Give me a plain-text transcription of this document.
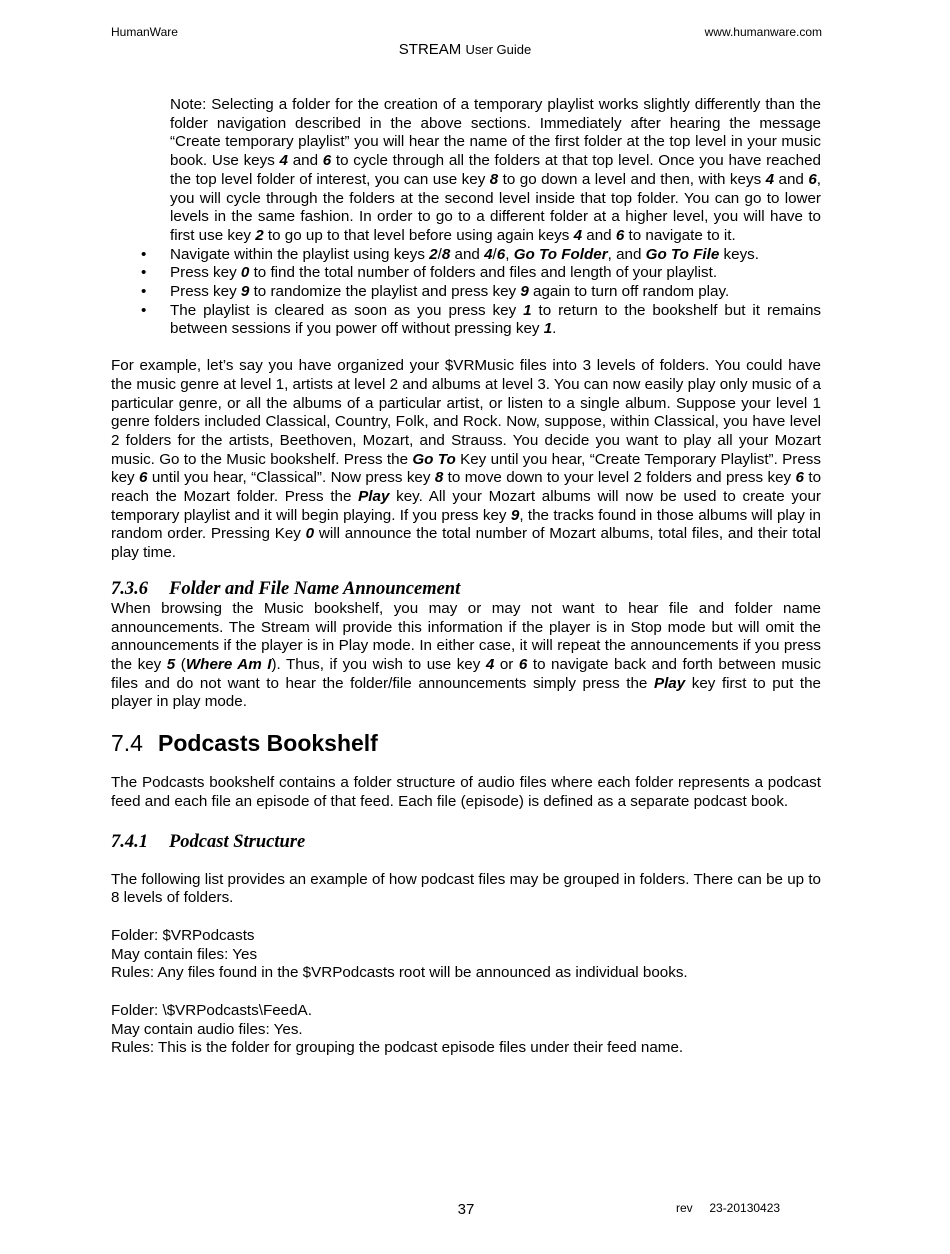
HumanWare	www.humanware.com
STREAM User Guide

Note: Selecting a folder for the creation of a temporary playlist works slightly differently than the folder navigation described in the above sections. Immediately after hearing the message “Create temporary playlist” you will hear the name of the first folder at the top level in your music book. Use keys 4 and 6 to cycle through all the folders at that top level. Once you have reached the top level folder of interest, you can use key 8 to go down a level and then, with keys 4 and 6, you will cycle through the folders at the second level inside that top folder. You can go to lower levels in the same fashion. In order to go to a different folder at a higher level, you will have to first use key 2 to go up to that level before using again keys 4 and 6 to navigate to it.

• Navigate within the playlist using keys 2/8 and 4/6, Go To Folder, and Go To File keys.
• Press key 0 to find the total number of folders and files and length of your playlist.
• Press key 9 to randomize the playlist and press key 9 again to turn off random play.
• The playlist is cleared as soon as you press key 1 to return to the bookshelf but it remains between sessions if you power off without pressing key 1.

For example, let’s say you have organized your $VRMusic files into 3 levels of folders. You could have the music genre at level 1, artists at level 2 and albums at level 3. You can now easily play only music of a particular genre, or all the albums of a particular artist, or listen to a single album. Suppose your level 1 genre folders included Classical, Country, Folk, and Rock. Now, suppose, within Classical, you have level 2 folders for the artists, Beethoven, Mozart, and Strauss. You decide you want to play all your Mozart music. Go to the Music bookshelf. Press the Go To Key until you hear, “Create Temporary Playlist”. Press key 6 until you hear, “Classical”. Now press key 8 to move down to your level 2 folders and press key 6 to reach the Mozart folder. Press the Play key. All your Mozart albums will now be used to create your temporary playlist and it will begin playing. If you press key 9, the tracks found in those albums will play in random order. Pressing Key 0 will announce the total number of Mozart albums, total files, and their total play time.

7.3.6 Folder and File Name Announcement

When browsing the Music bookshelf, you may or may not want to hear file and folder name announcements. The Stream will provide this information if the player is in Stop mode but will omit the announcements if the player is in Play mode. In either case, it will repeat the announcements if you press the key 5 (Where Am I). Thus, if you wish to use key 4 or 6 to navigate back and forth between music files and do not want to hear the folder/file announcements simply press the Play key first to put the player in play mode.

7.4 Podcasts Bookshelf

The Podcasts bookshelf contains a folder structure of audio files where each folder represents a podcast feed and each file an episode of that feed. Each file (episode) is defined as a separate podcast book.

7.4.1 Podcast Structure

The following list provides an example of how podcast files may be grouped in folders. There can be up to 8 levels of folders.

Folder: $VRPodcasts

May contain files: Yes

Rules: Any files found in the $VRPodcasts root will be announced as individual books.

Folder: \$VRPodcasts\FeedA.

May contain audio files: Yes.

Rules: This is the folder for grouping the podcast episode files under their feed name.

37	rev     23-20130423
